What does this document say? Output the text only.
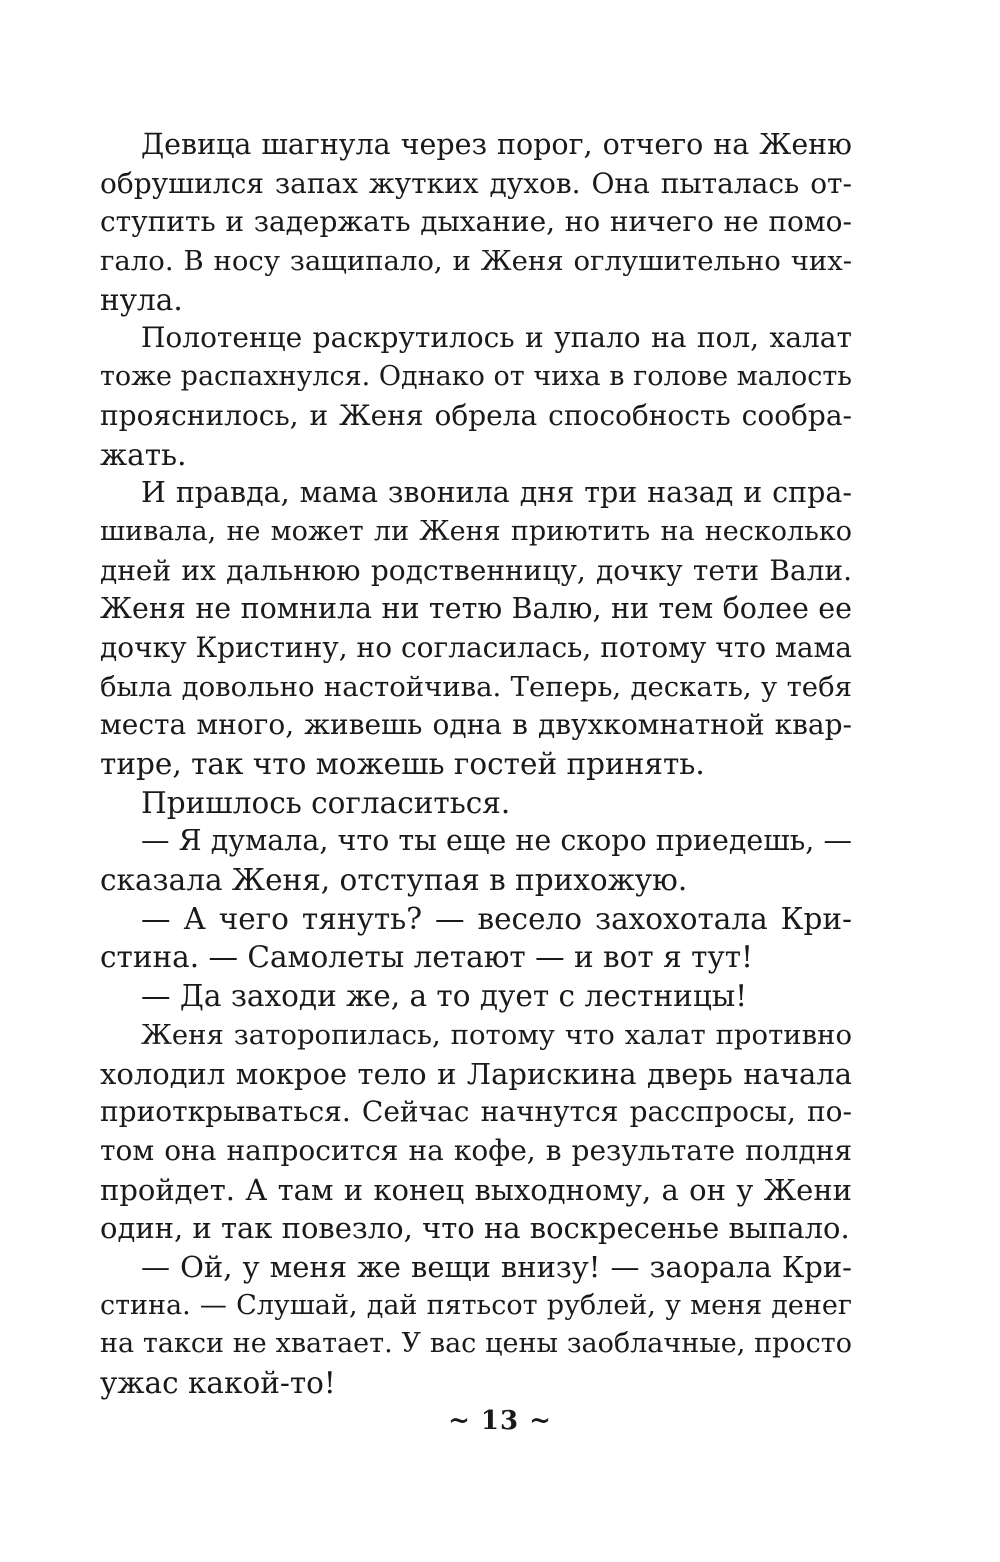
Девица шагнула через порог, отчего на Женю
обрушился запах жутких духов. Она пыталась от-
ступить и задержать дыхание, но ничего не помо-
гало. В носу защипало, и Женя оглушительно чих-
нула.
Полотенце раскрутилось и упало на пол, халат
тоже распахнулся. Однако от чиха в голове малость
прояснилось, и Женя обрела способность сообра-
жать.
И правда, мама звонила дня три назад и спра-
шивала, не может ли Женя приютить на несколько
дней их дальнюю родственницу, дочку тети Вали.
Женя не помнила ни тетю Валю, ни тем более ее
дочку Кристину, но согласилась, потому что мама
была довольно настойчива. Теперь, дескать, у тебя
места много, живешь одна в двухкомнатной квар-
тире, так что можешь гостей принять.
Пришлось согласиться.
— Я думала, что ты еще не скоро приедешь, —
сказала Женя, отступая в прихожую.
— А чего тянуть? — весело захохотала Кри-
стина. — Самолеты летают — и вот я тут!
— Да заходи же, а то дует с лестницы!
Женя заторопилась, потому что халат противно
холодил мокрое тело и Ларискина дверь начала
приоткрываться. Сейчас начнутся расспросы, по-
том она напросится на кофе, в результате полдня
пройдет. А там и конец выходному, а он у Жени
один, и так повезло, что на воскресенье выпало.
— Ой, у меня же вещи внизу! — заорала Кри-
стина. — Слушай, дай пятьсот рублей, у меня денег
на такси не хватает. У вас цены заоблачные, просто
ужас какой-то!
~ 13 ~
